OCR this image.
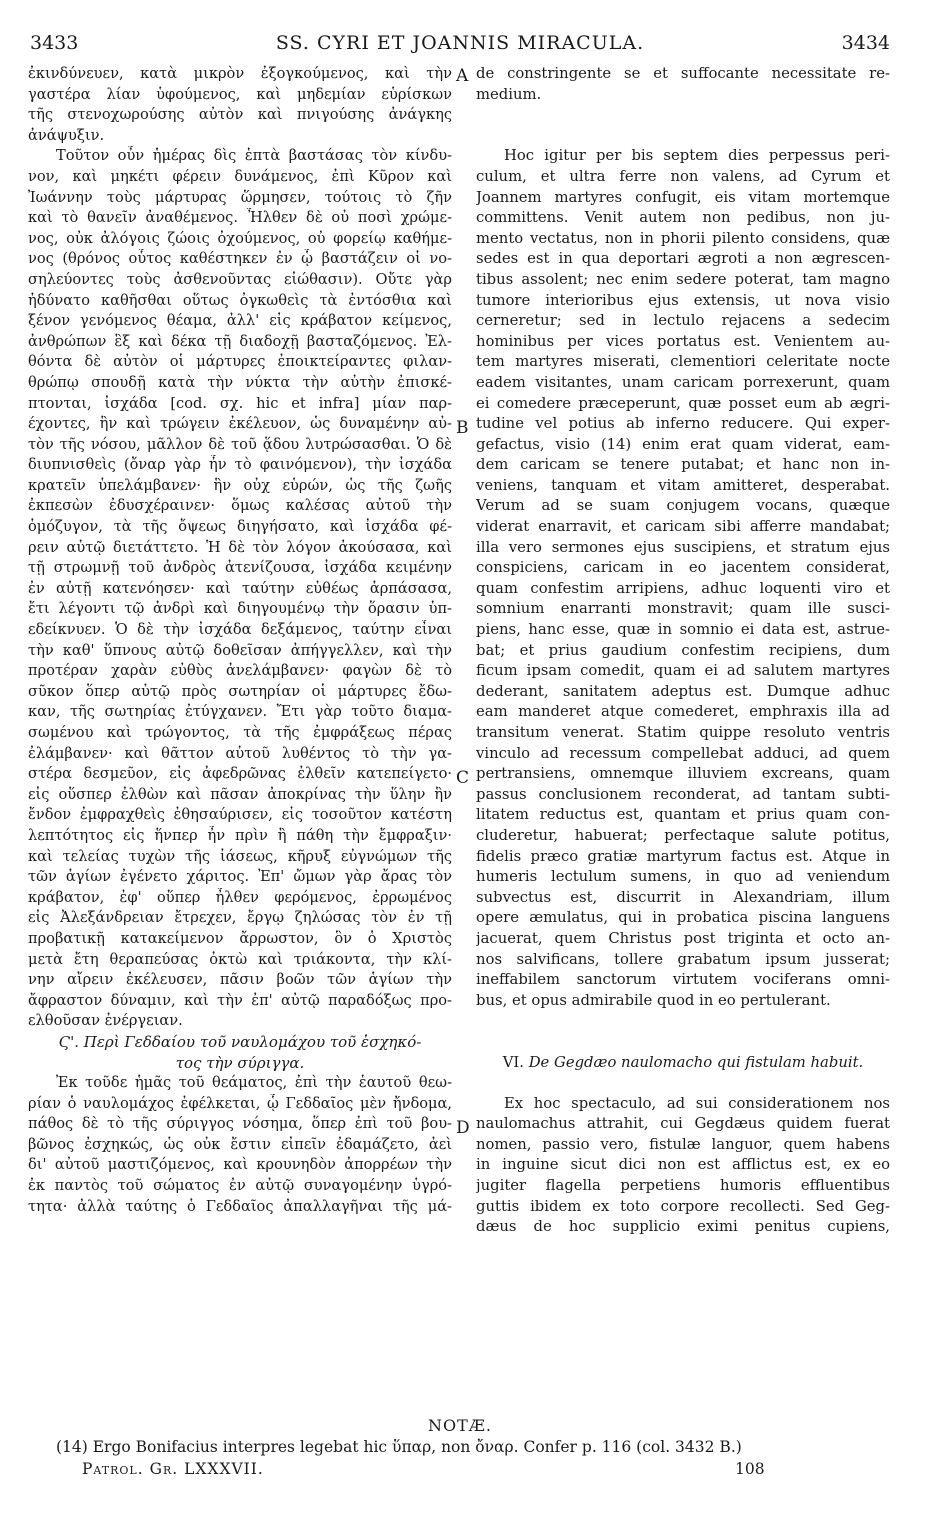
3433	SS. CYRI ET JOANNIS MIRACULA.	3434
ἐκινδύνευεν, κατὰ μικρὸν ἐξογκούμενος, καὶ τὴν
γαστέρα λίαν ὑφούμενος, καὶ μηδεμίαν εὑρίσκων
τῆς στενοχωρούσης αὐτὸν καὶ πνιγούσης ἀνάγκης
ἀνάψυξιν.
Τοῦτον οὖν ἡμέρας δὶς ἑπτὰ βαστάσας τὸν κίνδυ-
νον, καὶ μηκέτι φέρειν δυνάμενος, ἐπὶ Κῦρον καὶ
Ἰωάννην τοὺς μάρτυρας ὥρμησεν, τούτοις τὸ ζῆν
καὶ τὸ θανεῖν ἀναθέμενος. Ἦλθεν δὲ οὐ ποσὶ χρώμε-
νος, οὐκ ἀλόγοις ζώοις ὀχούμενος, οὐ φορείῳ καθήμε-
νος (θρόνος οὗτος καθέστηκεν ἐν ᾧ βαστάζειν οἱ νο-
σηλεύοντες τοὺς ἀσθενοῦντας εἰώθασιν). Οὔτε γὰρ
ἠδύνατο καθῆσθαι οὕτως ὀγκωθεὶς τὰ ἐντόσθια καὶ
ξένον γενόμενος θέαμα, ἀλλ' εἰς κράβατον κείμενος,
ἀνθρώπων ἓξ καὶ δέκα τῇ διαδοχῇ βασταζόμενος. Ἐλ-
θόντα δὲ αὐτὸν οἱ μάρτυρες ἐποικτείραντες φιλαν-
θρώπῳ σπουδῇ κατὰ τὴν νύκτα τὴν αὐτὴν ἐπισκέ-
πτονται, ἰσχάδα [cod. σχ. hic et infra] μίαν παρ-
έχοντες, ἣν καὶ τρώγειν ἐκέλευον, ὡς δυναμένην αὐ-
τὸν τῆς νόσου, μᾶλλον δὲ τοῦ ᾅδου λυτρώσασθαι. Ὁ δὲ
διυπνισθεὶς (ὄναρ γὰρ ἦν τὸ φαινόμενον), τὴν ἰσχάδα
κρατεῖν ὑπελάμβανεν· ἣν οὐχ εὑρών, ὡς τῆς ζωῆς
ἐκπεσὼν ἐδυσχέραινεν· ὅμως καλέσας αὐτοῦ τὴν
ὁμόζυγον, τὰ τῆς ὄψεως διηγήσατο, καὶ ἰσχάδα φέ-
ρειν αὐτῷ διετάττετο. Ἡ δὲ τὸν λόγον ἀκούσασα, καὶ
τῇ στρωμνῇ τοῦ ἀνδρὸς ἀτενίζουσα, ἰσχάδα κειμένην
ἐν αὐτῇ κατενόησεν· καὶ ταύτην εὐθέως ἁρπάσασα,
ἔτι λέγοντι τῷ ἀνδρὶ καὶ διηγουμένῳ τὴν ὅρασιν ὑπ-
εδείκνυεν. Ὁ δὲ τὴν ἰσχάδα δεξάμενος, ταύτην εἶναι
τὴν καθ' ὕπνους αὐτῷ δοθεῖσαν ἀπήγγελλεν, καὶ τὴν
προτέραν χαρὰν εὐθὺς ἀνελάμβανεν· φαγὼν δὲ τὸ
σῦκον ὅπερ αὐτῷ πρὸς σωτηρίαν οἱ μάρτυρες ἔδω-
καν, τῆς σωτηρίας ἐτύγχανεν. Ἔτι γὰρ τοῦτο διαμα-
σωμένου καὶ τρώγοντος, τὰ τῆς ἐμφράξεως πέρας
ἐλάμβανεν· καὶ θᾶττον αὐτοῦ λυθέντος τὸ τὴν γα-
στέρα δεσμεῦον, εἰς ἀφεδρῶνας ἐλθεῖν κατεπείγετο·
εἰς οὕσπερ ἐλθὼν καὶ πᾶσαν ἀποκρίνας τὴν ὕλην ἣν
ἔνδον ἐμφραχθεὶς ἐθησαύρισεν, εἰς τοσοῦτον κατέστη
λεπτότητος εἰς ἥνπερ ἦν πρὶν ἢ πάθη τὴν ἔμφραξιν·
καὶ τελείας τυχὼν τῆς ἰάσεως, κῆρυξ εὐγνώμων τῆς
τῶν ἁγίων ἐγένετο χάριτος. Ἐπ' ὤμων γὰρ ἄρας τὸν
κράβατον, ἐφ' οὕπερ ἦλθεν φερόμενος, ἐρρωμένος
εἰς Ἀλεξάνδρειαν ἔτρεχεν, ἔργῳ ζηλώσας τὸν ἐν τῇ
προβατικῇ κατακείμενον ἄρρωστον, ὃν ὁ Χριστὸς
μετὰ ἔτη θεραπεύσας ὀκτὼ καὶ τριάκοντα, τὴν κλί-
νην αἴρειν ἐκέλευσεν, πᾶσιν βοῶν τῶν ἁγίων τὴν
ἄφραστον δύναμιν, καὶ τὴν ἐπ' αὐτῷ παραδόξως προ-
ελθοῦσαν ἐνέργειαν.
Ϛ'. Περὶ Γεδδαίου τοῦ ναυλομάχου τοῦ ἐσχηκό-
τος τὴν σύριγγα.
Ἐκ τοῦδε ἡμᾶς τοῦ θεάματος, ἐπὶ τὴν ἑαυτοῦ θεω-
ρίαν ὁ ναυλομάχος ἐφέλκεται, ᾧ Γεδδαῖος μὲν ἤνδομα,
πάθος δὲ τὸ τῆς σύριγγος νόσημα, ὅπερ ἐπὶ τοῦ βου-
βῶνος ἐσχηκώς, ὡς οὐκ ἔστιν εἰπεῖν ἐδαμάζετο, ἀεὶ
δι' αὐτοῦ μαστιζόμενος, καὶ κρουνηδὸν ἀπορρέων τὴν
ἐκ παντὸς τοῦ σώματος ἐν αὐτῷ συναγομένην ὑγρό-
τητα· ἀλλὰ ταύτης ὁ Γεδδαῖος ἀπαλλαγῆναι τῆς μά-
de constringente se et suffocante necessitate re-
medium.
Hoc igitur per bis septem dies perpessus peri-
culum, et ultra ferre non valens, ad Cyrum et
Joannem martyres confugit, eis vitam mortemque
committens. Venit autem non pedibus, non ju-
mento vectatus, non in phorii pilento considens, quæ
sedes est in qua deportari ægroti a non ægrescen-
tibus assolent; nec enim sedere poterat, tam magno
tumore interioribus ejus extensis, ut nova visio
cerneretur; sed in lectulo rejacens a sedecim
hominibus per vices portatus est. Venientem au-
tem martyres miserati, clementiori celeritate nocte
eadem visitantes, unam caricam porrexerunt, quam
ei comedere præceperunt, quæ posset eum ab ægri-
tudine vel potius ab inferno reducere. Qui exper-
gefactus, visio (14) enim erat quam viderat, eam-
dem caricam se tenere putabat; et hanc non in-
veniens, tanquam et vitam amitteret, desperabat.
Verum ad se suam conjugem vocans, quæque
viderat enarravit, et caricam sibi afferre mandabat;
illa vero sermones ejus suscipiens, et stratum ejus
conspiciens, caricam in eo jacentem considerat,
quam confestim arripiens, adhuc loquenti viro et
somnium enarranti monstravit; quam ille susci-
piens, hanc esse, quæ in somnio ei data est, astrue-
bat; et prius gaudium confestim recipiens, dum
ficum ipsam comedit, quam ei ad salutem martyres
dederant, sanitatem adeptus est. Dumque adhuc
eam manderet atque comederet, emphraxis illa ad
transitum venerat. Statim quippe resoluto ventris
vinculo ad recessum compellebat adduci, ad quem
pertransiens, omnemque illuviem excreans, quam
passus conclusionem reconderat, ad tantam subti-
litatem reductus est, quantam et prius quam con-
cluderetur, habuerat; perfectaque salute potitus,
fidelis præco gratiæ martyrum factus est. Atque in
humeris lectulum sumens, in quo ad veniendum
subvectus est, discurrit in Alexandriam, illum
opere æmulatus, qui in probatica piscina languens
jacuerat, quem Christus post triginta et octo an-
nos salvificans, tollere grabatum ipsum jusserat;
ineffabilem sanctorum virtutem vociferans omni-
bus, et opus admirabile quod in eo pertulerant.
VI. De Gegdæo naulomacho qui fistulam habuit.
Ex hoc spectaculo, ad sui considerationem nos
naulomachus attrahit, cui Gegdæus quidem fuerat
nomen, passio vero, fistulæ languor, quem habens
in inguine sicut dici non est afflictus est, ex eo
jugiter flagella perpetiens humoris effluentibus
guttis ibidem ex toto corpore recollecti. Sed Geg-
dæus de hoc supplicio eximi penitus cupiens,
A
B
C
D
NOTÆ.
(14) Ergo Bonifacius interpres legebat hic ὕπαρ, non ὄναρ. Confer p. 116 (col. 3432 B.)
Patrol. Gr. LXXXVII.	108
